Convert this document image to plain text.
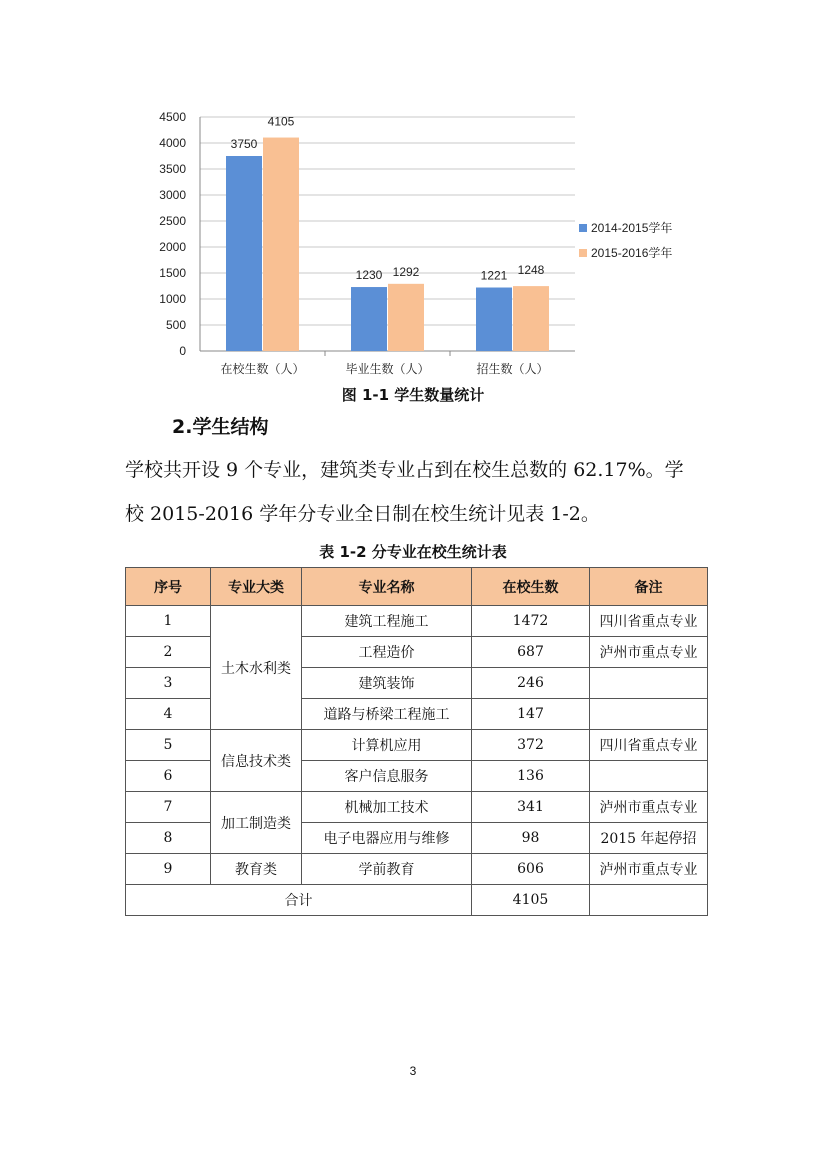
0
500
1000
1500
2000
2500
3000
3500
4000
4500
在校生数（人）
3750
4105
毕业生数（人）
1230 1292
招生数（人）
1221 1248
2014-2015学年
2015-2016学年
图 1-1 学生数量统计
2.学生结构
学校共开设 9 个专业，建筑类专业占到在校生总数的 62.17%。学
校 2015-2016 学年分专业全日制在校生统计见表 1-2。
表 1-2 分专业在校生统计表
序号	专业大类	专业名称	在校生数	备注
1	土木水利类	建筑工程施工	1472	四川省重点专业
2		工程造价	687	泸州市重点专业
3		建筑装饰	246	
4		道路与桥梁工程施工	147	
5	信息技术类	计算机应用	372	四川省重点专业
6		客户信息服务	136	
7	加工制造类	机械加工技术	341	泸州市重点专业
8		电子电器应用与维修	98	2015 年起停招
9	教育类	学前教育	606	泸州市重点专业
合计			4105	
3
